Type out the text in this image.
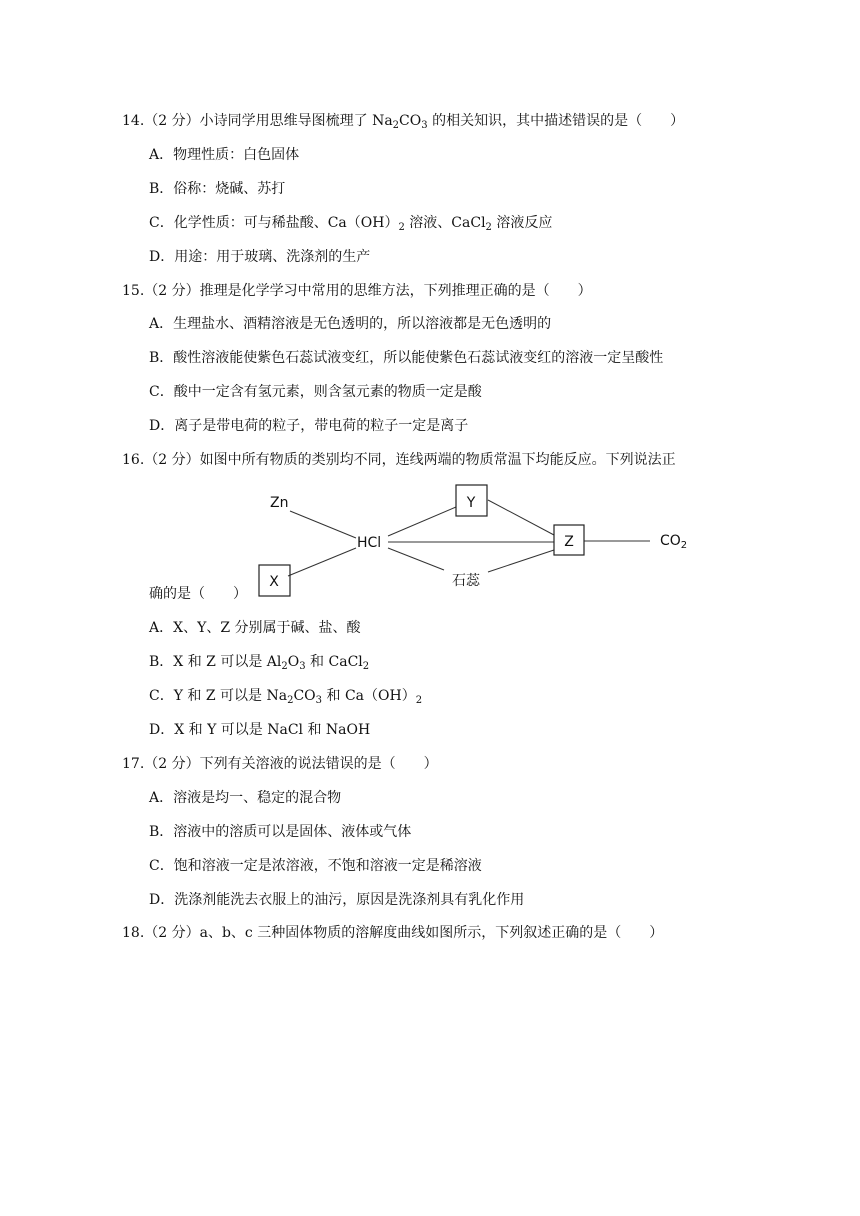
14.（2 分）小诗同学用思维导图梳理了 $Na_2CO_3$ 的相关知识，其中描述错误的是（　　）
A．物理性质：白色固体
B．俗称：烧碱、苏打
C．化学性质：可与稀盐酸、$Ca(OH)_2$ 溶液、CaCl$_2$ 溶液反应
D．用途：用于玻璃、洗涤剂的生产
15.（2 分）推理是化学学习中常用的思维方法，下列推理正确的是（　　）
A．生理盐水、酒精溶液是无色透明的，所以溶液都是无色透明的
B．酸性溶液能使紫色石蕊试液变红，所以能使紫色石蕊试液变红的溶液一定呈酸性
C．酸中一定含有氢元素，则含氢元素的物质一定是酸
D．离子是带电荷的粒子，带电荷的粒子一定是离子
16.（2 分）如图中所有物质的类别均不同，连线两端的物质常温下均能反应。下列说法正
Zn
HCl
Y
Z
X	石蕊
$CO_2$
确的是（　　）
A．X、Y、Z 分别属于碱、盐、酸
B．X 和 Z 可以是 $Al_2O_3$ 和 CaCl$_2$
C．Y 和 Z 可以是 $Na_2CO_3$ 和 $Ca(OH)_2$
D．X 和 Y 可以是 NaCl 和 NaOH
17.（2 分）下列有关溶液的说法错误的是（　　）
A．溶液是均一、稳定的混合物
B．溶液中的溶质可以是固体、液体或气体
C．饱和溶液一定是浓溶液，不饱和溶液一定是稀溶液
D．洗涤剂能洗去衣服上的油污，原因是洗涤剂具有乳化作用
18.（2 分）a、b、c 三种固体物质的溶解度曲线如图所示，下列叙述正确的是（　　）
